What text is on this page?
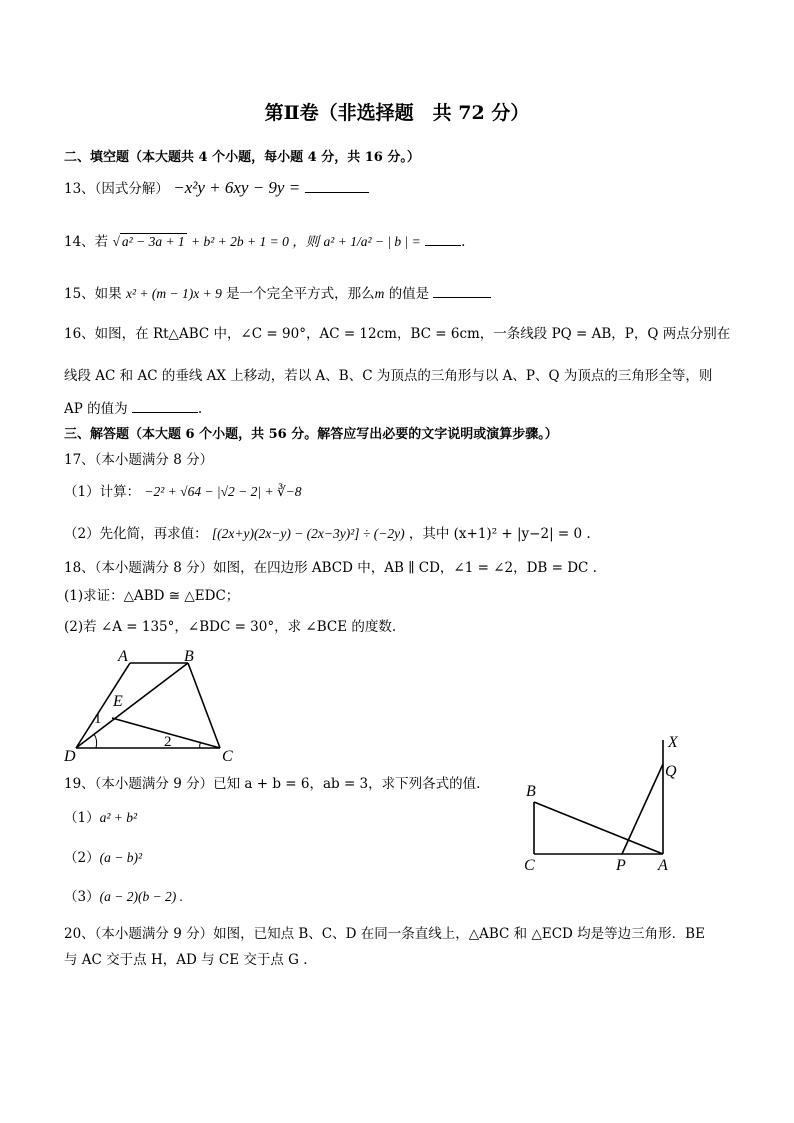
第Ⅱ卷（非选择题　共 72 分）
二、填空题（本大题共 4 个小题，每小题 4 分，共 16 分。）
13、（因式分解） −x²y + 6xy − 9y =
14、若 √ a² − 3a + 1 + b² + 2b + 1 = 0 ，则 a² + 1/a² − | b | =	.
15、如果 x² + (m − 1)x + 9 是一个完全平方式，那么m 的值是
16、如图，在 Rt△ABC 中，∠C = 90°，AC = 12cm，BC = 6cm，一条线段 PQ = AB，P，Q 两点分别在
线段 AC 和 AC 的垂线 AX 上移动，若以 A、B、C 为顶点的三角形与以 A、P、Q 为顶点的三角形全等，则
AP 的值为	.
三、解答题（本大题 6 个小题，共 56 分。解答应写出必要的文字说明或演算步骤。）
17、（本小题满分 8 分）
（1）计算： −2² + √64 − |√2 − 2| + ∛−8
（2）先化简，再求值： [(2x+y)(2x−y) − (2x−3y)²] ÷ (−2y) ，其中 (x+1)² + |y−2| = 0 .
18、（本小题满分 8 分）如图，在四边形 ABCD 中，AB ∥ CD，∠1 = ∠2，DB = DC .
(1)求证：△ABD ≅ △EDC；
(2)若 ∠A = 135°，∠BDC = 30°，求 ∠BCE 的度数.
A	B
E
D	C
1
2
19、（本小题满分 9 分）已知 a + b = 6，ab = 3，求下列各式的值.
（1）a² + b²
（2）(a − b)²
（3）(a − 2)(b − 2) .
X
Q
B
C	P A
20、（本小题满分 9 分）如图，已知点 B、C、D 在同一条直线上，△ABC 和 △ECD 均是等边三角形．BE
与 AC 交于点 H，AD 与 CE 交于点 G .
